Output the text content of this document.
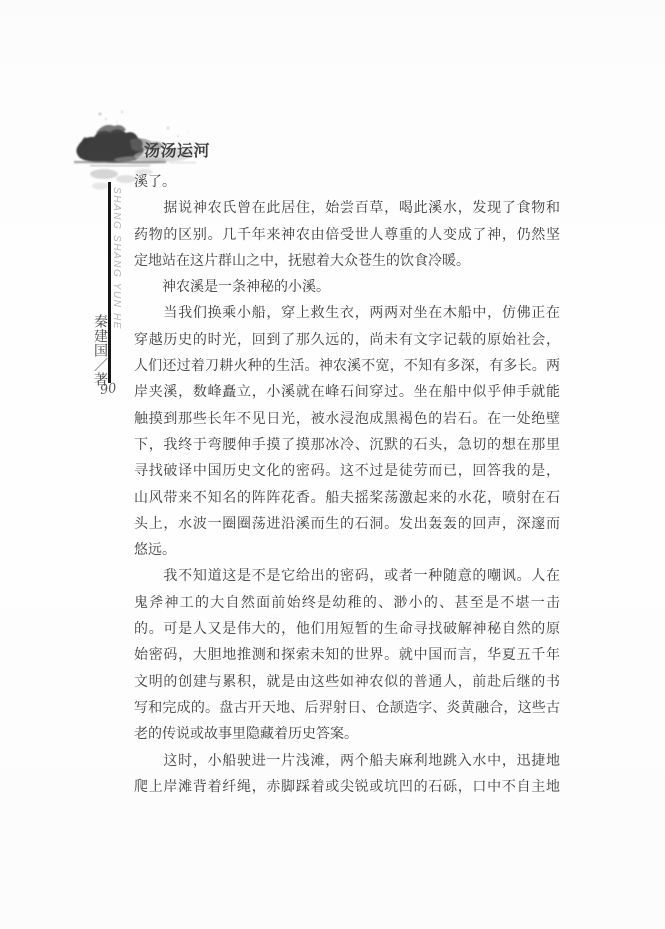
汤汤运河
SHANG SHANG YUN HE
秦建国／著
90
溪了。
　　据说神农氏曾在此居住，始尝百草，喝此溪水，发现了食物和
药物的区别。几千年来神农由倍受世人尊重的人变成了神，仍然坚
定地站在这片群山之中，抚慰着大众苍生的饮食冷暖。
　　神农溪是一条神秘的小溪。
　　当我们换乘小船，穿上救生衣，两两对坐在木船中，仿佛正在
穿越历史的时光，回到了那久远的，尚未有文字记载的原始社会，
人们还过着刀耕火种的生活。神农溪不宽，不知有多深，有多长。两
岸夹溪，数峰矗立，小溪就在峰石间穿过。坐在船中似乎伸手就能
触摸到那些长年不见日光，被水浸泡成黑褐色的岩石。在一处绝壁
下，我终于弯腰伸手摸了摸那冰冷、沉默的石头，急切的想在那里
寻找破译中国历史文化的密码。这不过是徒劳而已，回答我的是，
山风带来不知名的阵阵花香。船夫摇桨荡激起来的水花，喷射在石
头上，水波一圈圈荡进沿溪而生的石洞。发出轰轰的回声，深邃而
悠远。
　　我不知道这是不是它给出的密码，或者一种随意的嘲讽。人在
鬼斧神工的大自然面前始终是幼稚的、渺小的、甚至是不堪一击
的。可是人又是伟大的，他们用短暂的生命寻找破解神秘自然的原
始密码，大胆地推测和探索未知的世界。就中国而言，华夏五千年
文明的创建与累积，就是由这些如神农似的普通人，前赴后继的书
写和完成的。盘古开天地、后羿射日、仓颉造字、炎黄融合，这些古
老的传说或故事里隐藏着历史答案。
　　这时，小船驶进一片浅滩，两个船夫麻利地跳入水中，迅捷地
爬上岸滩背着纤绳，赤脚踩着或尖锐或坑凹的石砾，口中不自主地
